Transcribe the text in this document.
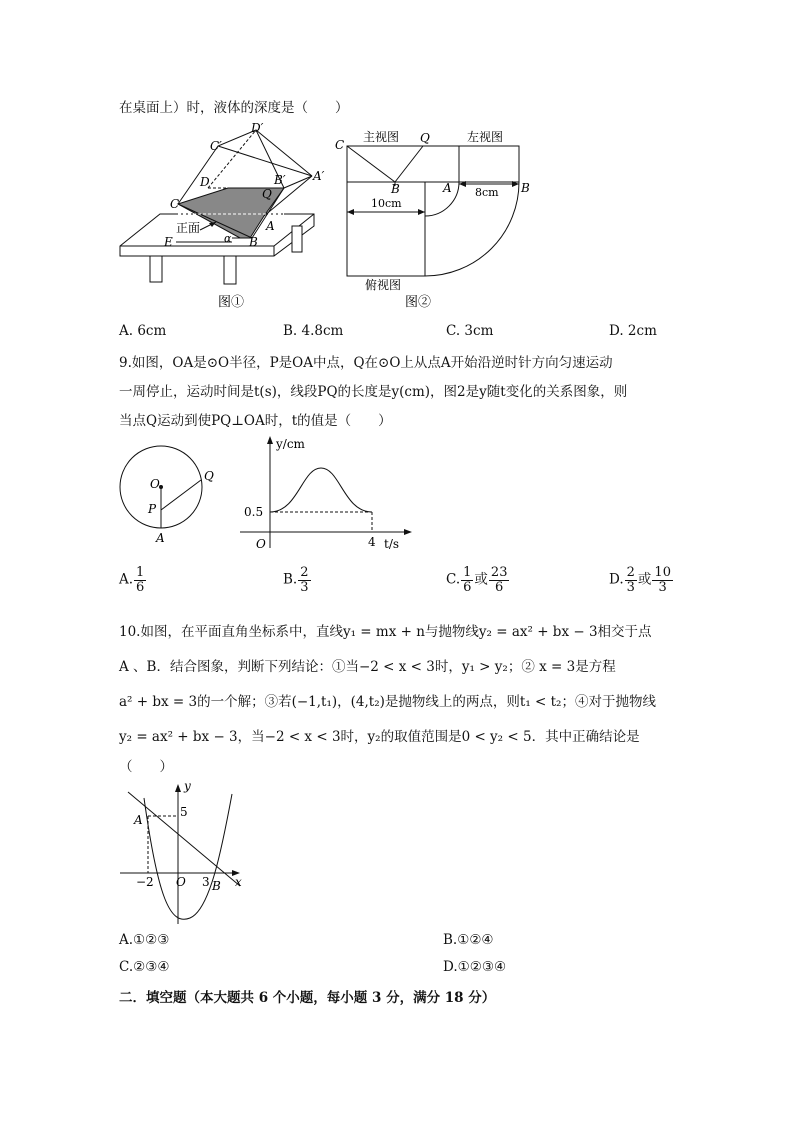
在桌面上）时，液体的深度是（　　）
D′
C′
A′
B′
D
Q
C
A
α B
E
正面
图①
C	Q
B	A	B
主视图	左视图
俯视图
10cm
8cm
图②
A. 6cm	B. 4.8cm	C. 3cm	D. 2cm
9.如图，OA是⊙O半径，P是OA中点，Q在⊙O上从点A开始沿逆时针方向匀速运动
一周停止，运动时间是t(s)，线段PQ的长度是y(cm)，图2是y随t变化的关系图象，则
当点Q运动到使PQ⊥OA时，t的值是（　　）
O
Q
P
A
y/cm
O	t/s
0.5
4
A. $\frac{1}{6}$	B. $\frac{2}{3}$	C. $\frac{1}{6}$ 或 $\frac{23}{6}$	D. $\frac{2}{3}$ 或 $\frac{10}{3}$
10.如图，在平面直角坐标系中，直线y₁ = mx + n与抛物线y₂ = ax² + bx − 3相交于点
A 、B．结合图象，判断下列结论：①当−2 < x < 3时，y₁ > y₂；② x = 3是方程
a² + bx = 3的一个解；③若(−1,t₁)，(4,t₂)是抛物线上的两点，则t₁ < t₂；④对于抛物线
y₂ = ax² + bx − 3，当−2 < x < 3时，y₂的取值范围是0 < y₂ < 5．其中正确结论是
（　　）
y
x
5
A
−2 O 3 B
A.①②③	B.①②④
C.②③④	D.①②③④
二．填空题（本大题共 6 个小题，每小题 3 分，满分 18 分）
